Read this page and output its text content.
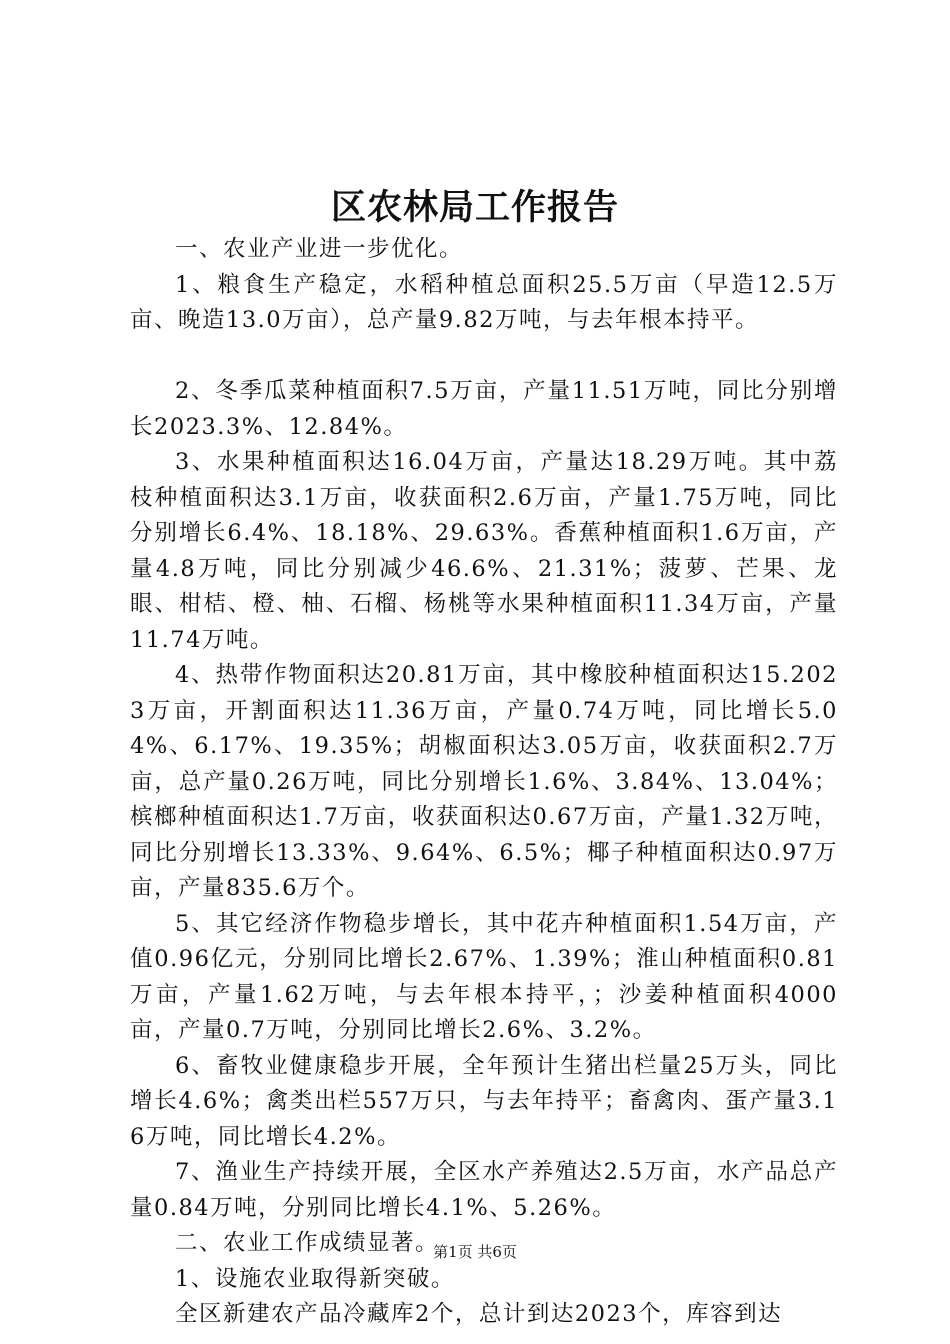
区农林局工作报告

一、农业产业进一步优化。

1、粮食生产稳定，水稻种植总面积25.5万亩（早造12.5万亩、晚造13.0万亩），总产量9.82万吨，与去年根本持平。

2、冬季瓜菜种植面积7.5万亩，产量11.51万吨，同比分别增长2023.3%、12.84%。

3、水果种植面积达16.04万亩，产量达18.29万吨。其中荔枝种植面积达3.1万亩，收获面积2.6万亩，产量1.75万吨，同比分别增长6.4%、18.18%、29.63%。香蕉种植面积1.6万亩，产量4.8万吨，同比分别减少46.6%、21.31%；菠萝、芒果、龙眼、柑桔、橙、柚、石榴、杨桃等水果种植面积11.34万亩，产量11.74万吨。

4、热带作物面积达20.81万亩，其中橡胶种植面积达15.2023万亩，开割面积达11.36万亩，产量0.74万吨，同比增长5.04%、6.17%、19.35%；胡椒面积达3.05万亩，收获面积2.7万亩，总产量0.26万吨，同比分别增长1.6%、3.84%、13.04%；槟榔种植面积达1.7万亩，收获面积达0.67万亩，产量1.32万吨，同比分别增长13.33%、9.64%、6.5%；椰子种植面积达0.97万亩，产量835.6万个。

5、其它经济作物稳步增长，其中花卉种植面积1.54万亩，产值0.96亿元，分别同比增长2.67%、1.39%；淮山种植面积0.81万亩，产量1.62万吨，与去年根本持平，；沙姜种植面积4000亩，产量0.7万吨，分别同比增长2.6%、3.2%。

6、畜牧业健康稳步开展，全年预计生猪出栏量25万头，同比增长4.6%；禽类出栏557万只，与去年持平；畜禽肉、蛋产量3.16万吨，同比增长4.2%。

7、渔业生产持续开展，全区水产养殖达2.5万亩，水产品总产量0.84万吨，分别同比增长4.1%、5.26%。

二、农业工作成绩显著。

1、设施农业取得新突破。

全区新建农产品冷藏库2个，总计到达2023个，库容到达

第1页 共6页
